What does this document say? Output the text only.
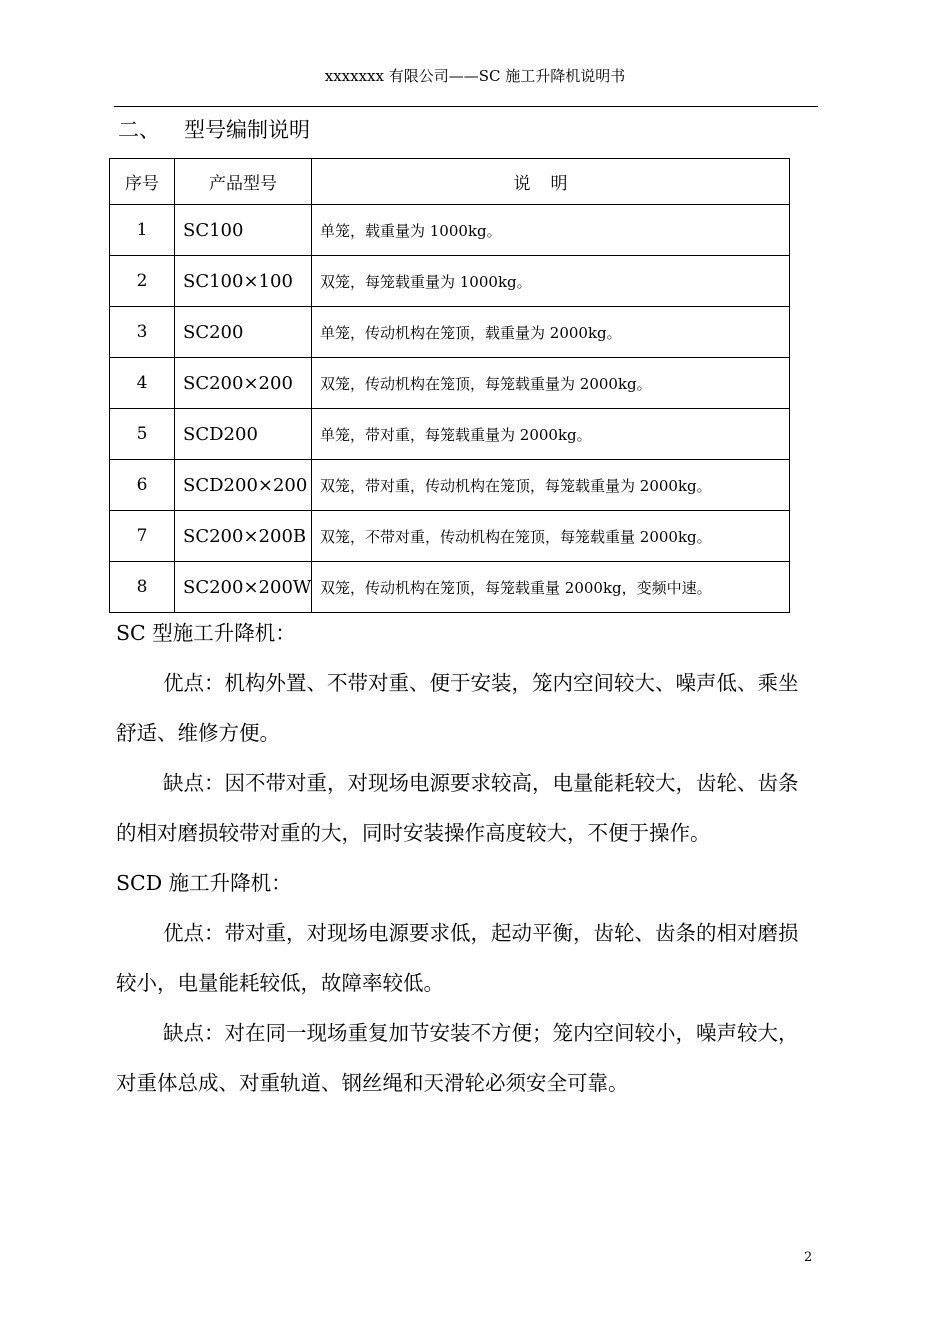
xxxxxxx 有限公司——SC 施工升降机说明书
二、 型号编制说明
序号	产品型号	说明
1	SC100	单笼，载重量为 1000kg。
2	SC100×100	双笼，每笼载重量为 1000kg。
3	SC200	单笼，传动机构在笼顶，载重量为 2000kg。
4	SC200×200	双笼，传动机构在笼顶，每笼载重量为 2000kg。
5	SCD200	单笼，带对重，每笼载重量为 2000kg。
6	SCD200×200	双笼，带对重，传动机构在笼顶，每笼载重量为 2000kg。
7	SC200×200B	双笼，不带对重，传动机构在笼顶，每笼载重量 2000kg。
8	SC200×200W	双笼，传动机构在笼顶，每笼载重量 2000kg，变频中速。

SC 型施工升降机：

优点：机构外置、不带对重、便于安装，笼内空间较大、噪声低、乘坐舒适、维修方便。

缺点：因不带对重，对现场电源要求较高，电量能耗较大，齿轮、齿条的相对磨损较带对重的大，同时安装操作高度较大，不便于操作。

SCD 施工升降机：

优点：带对重，对现场电源要求低，起动平衡，齿轮、齿条的相对磨损较小，电量能耗较低，故障率较低。

缺点：对在同一现场重复加节安装不方便；笼内空间较小，噪声较大，对重体总成、对重轨道、钢丝绳和天滑轮必须安全可靠。

2
